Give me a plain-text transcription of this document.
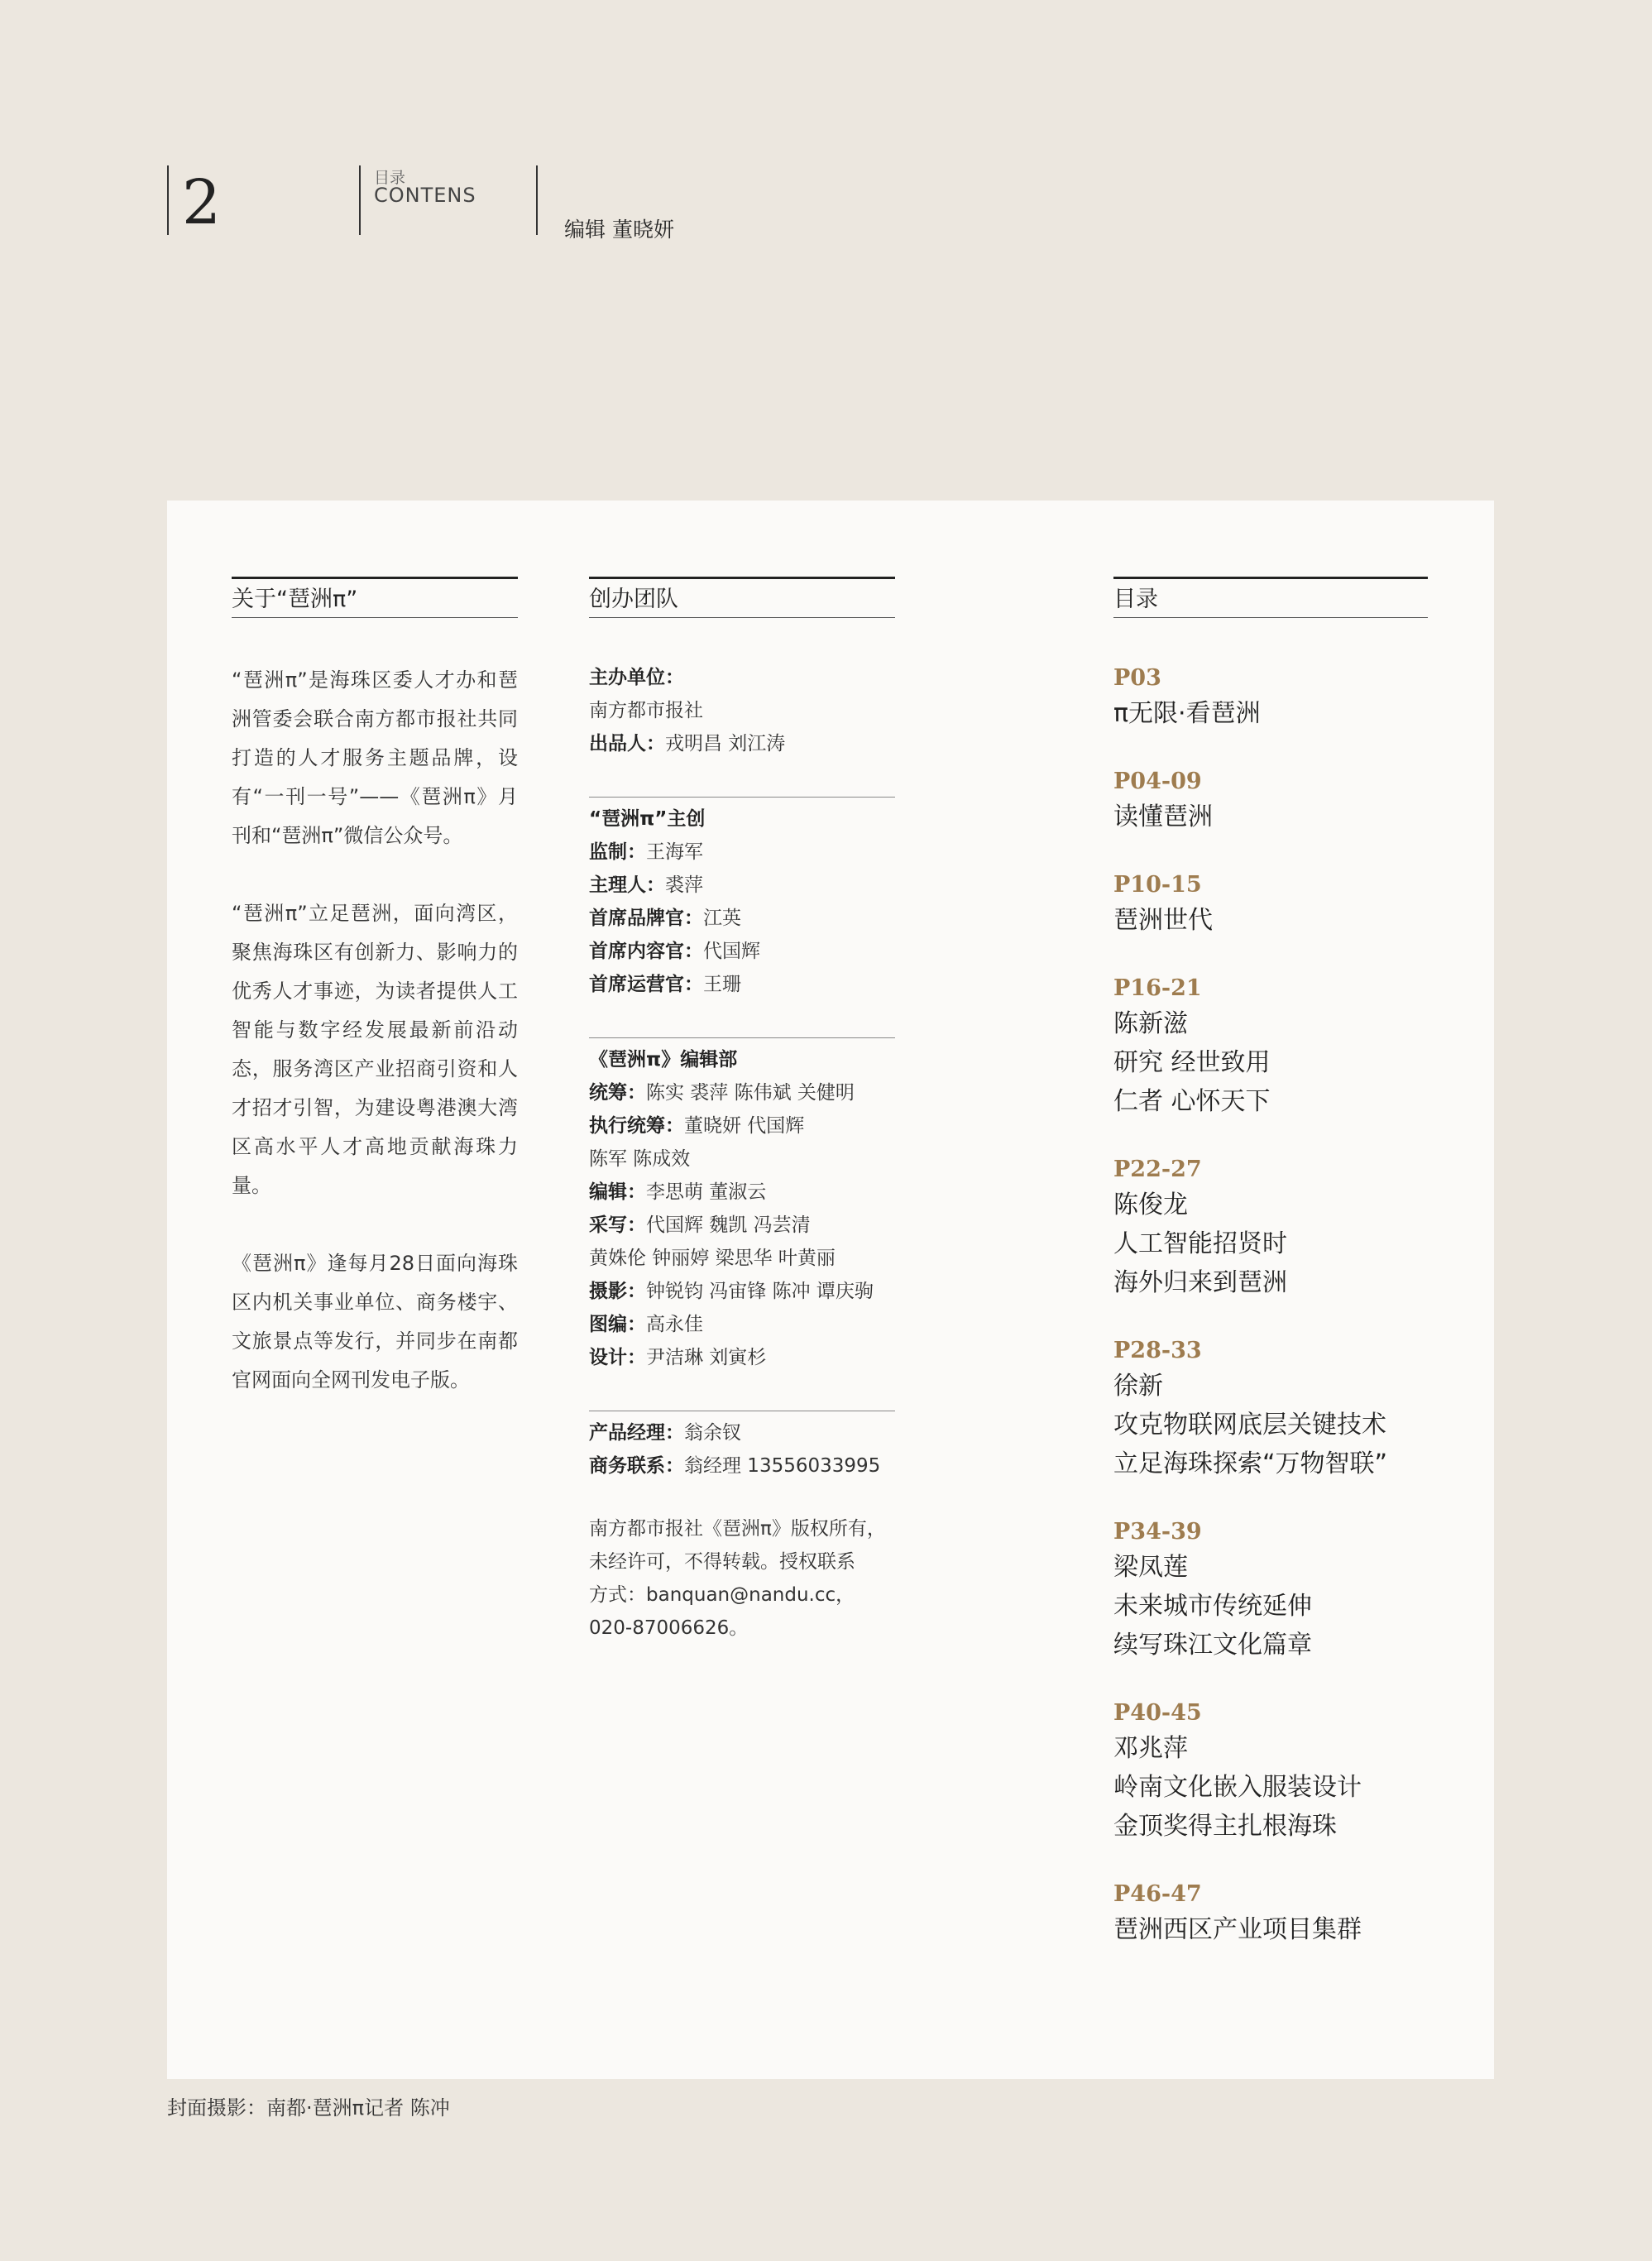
2	目录
CONTENS
编辑 董晓妍
关于“琶洲π”

“琶洲π”是海珠区委人才办和琶洲管委会联合南方都市报社共同打造的人才服务主题品牌，设有“一刊一号”——《琶洲π》月刊和“琶洲π”微信公众号。

“琶洲π”立足琶洲，面向湾区，聚焦海珠区有创新力、影响力的优秀人才事迹，为读者提供人工智能与数字经发展最新前沿动态，服务湾区产业招商引资和人才招才引智，为建设粤港澳大湾区高水平人才高地贡献海珠力量。

《琶洲π》逢每月28日面向海珠区内机关事业单位、商务楼宇、文旅景点等发行，并同步在南都官网面向全网刊发电子版。

创办团队
主办单位：
南方都市报社
出品人：戎明昌 刘江涛
“琶洲π”主创
监制：王海军
主理人：裘萍
首席品牌官：江英
首席内容官：代国辉
首席运营官：王珊
《琶洲π》编辑部
统筹：陈实 裘萍 陈伟斌 关健明
执行统筹：董晓妍 代国辉
陈军 陈成效
编辑：李思萌 董淑云
采写：代国辉 魏凯 冯芸清
黄姝伦 钟丽婷 梁思华 叶黄丽
摄影：钟锐钧 冯宙锋 陈冲 谭庆驹
图编：高永佳
设计：尹洁琳 刘寅杉
产品经理：翁余钗
商务联系：翁经理 13556033995
南方都市报社《琶洲π》版权所有，
未经许可，不得转载。授权联系
方式：banquan@nandu.cc，
020-87006626。
目录
P03
π无限·看琶洲
P04-09
读懂琶洲
P10-15
琶洲世代
P16-21
陈新滋
研究 经世致用
仁者 心怀天下
P22-27
陈俊龙
人工智能招贤时
海外归来到琶洲
P28-33
徐新
攻克物联网底层关键技术
立足海珠探索“万物智联”
P34-39
梁凤莲
未来城市传统延伸
续写珠江文化篇章
P40-45
邓兆萍
岭南文化嵌入服装设计
金顶奖得主扎根海珠
P46-47
琶洲西区产业项目集群
封面摄影：南都·琶洲π记者 陈冲
